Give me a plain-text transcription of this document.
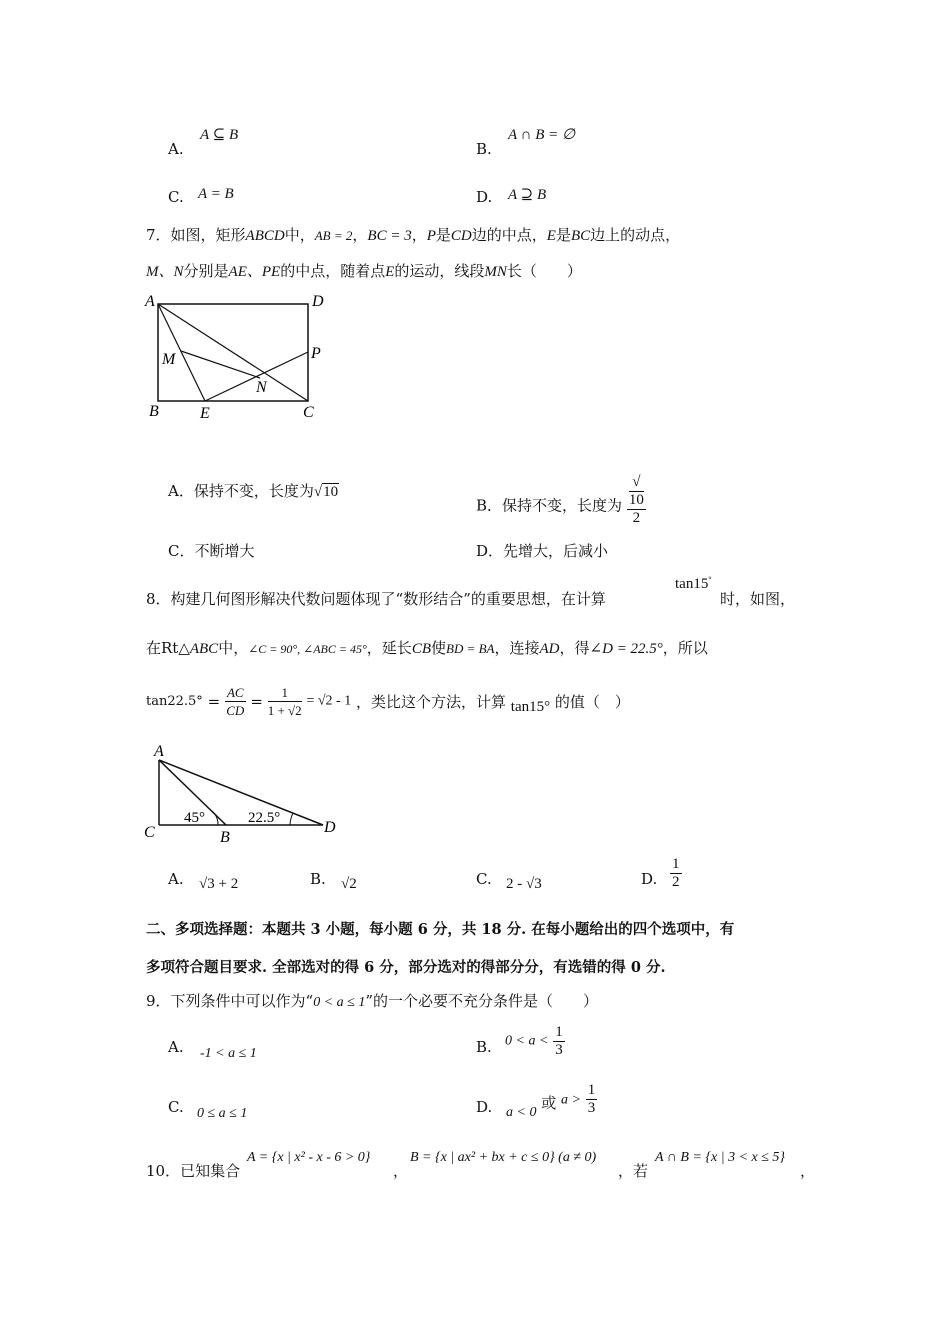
A.
A ⊆ B
B.
A ∩ B = ∅
C. A = B	D. A ⊇ B
7．如图，矩形ABCD中，AB = 2，BC = 3，P是CD边的中点，E是BC边上的动点，
M、N分别是AE、PE的中点，随着点E的运动，线段MN长（　　）
A	D
M	P
N
B	E	C
A．保持不变，长度为√10
B．保持不变，长度为 √
10
2
C．不断增大	D．先增大，后减小
8．构建几何图形解决代数问题体现了“数形结合”的重要思想，在计算
tan15°
时，如图，
在Rt△ABC中，∠C = 90°, ∠ABC = 45°，延长CB使BD = BA，连接AD，得∠D = 22.5°，所以
$\tan 22.5^\circ = \frac{AC}{CD} = \frac{1}{1 + √2} = √2 - 1$ ，类比这个方法，计算 tan15° 的值（　）
A
C	B
D
45°	22.5°
A. √3 + 2	B. √2	C. 2 - √3	D. $\frac{1}{2}$
二、多项选择题：本题共 3 小题，每小题 6 分，共 18 分. 在每小题给出的四个选项中，有
多项符合题目要求. 全部选对的得 6 分，部分选对的得部分分，有选错的得 0 分.
9．下列条件中可以作为“0 < a ≤ 1”的一个必要不充分条件是（　　）
A. -1 < a ≤ 1	B. $0 < a < \frac{1}{3}$
C. 0 ≤ a ≤ 1	D. a < 0 或 $a > \frac{1}{3}$
10．已知集合
A = {x | x² - x - 6 > 0}
，
B = {x | ax² + bx + c ≤ 0} (a ≠ 0)
，若
A ∩ B = {x | 3 < x ≤ 5}
，
